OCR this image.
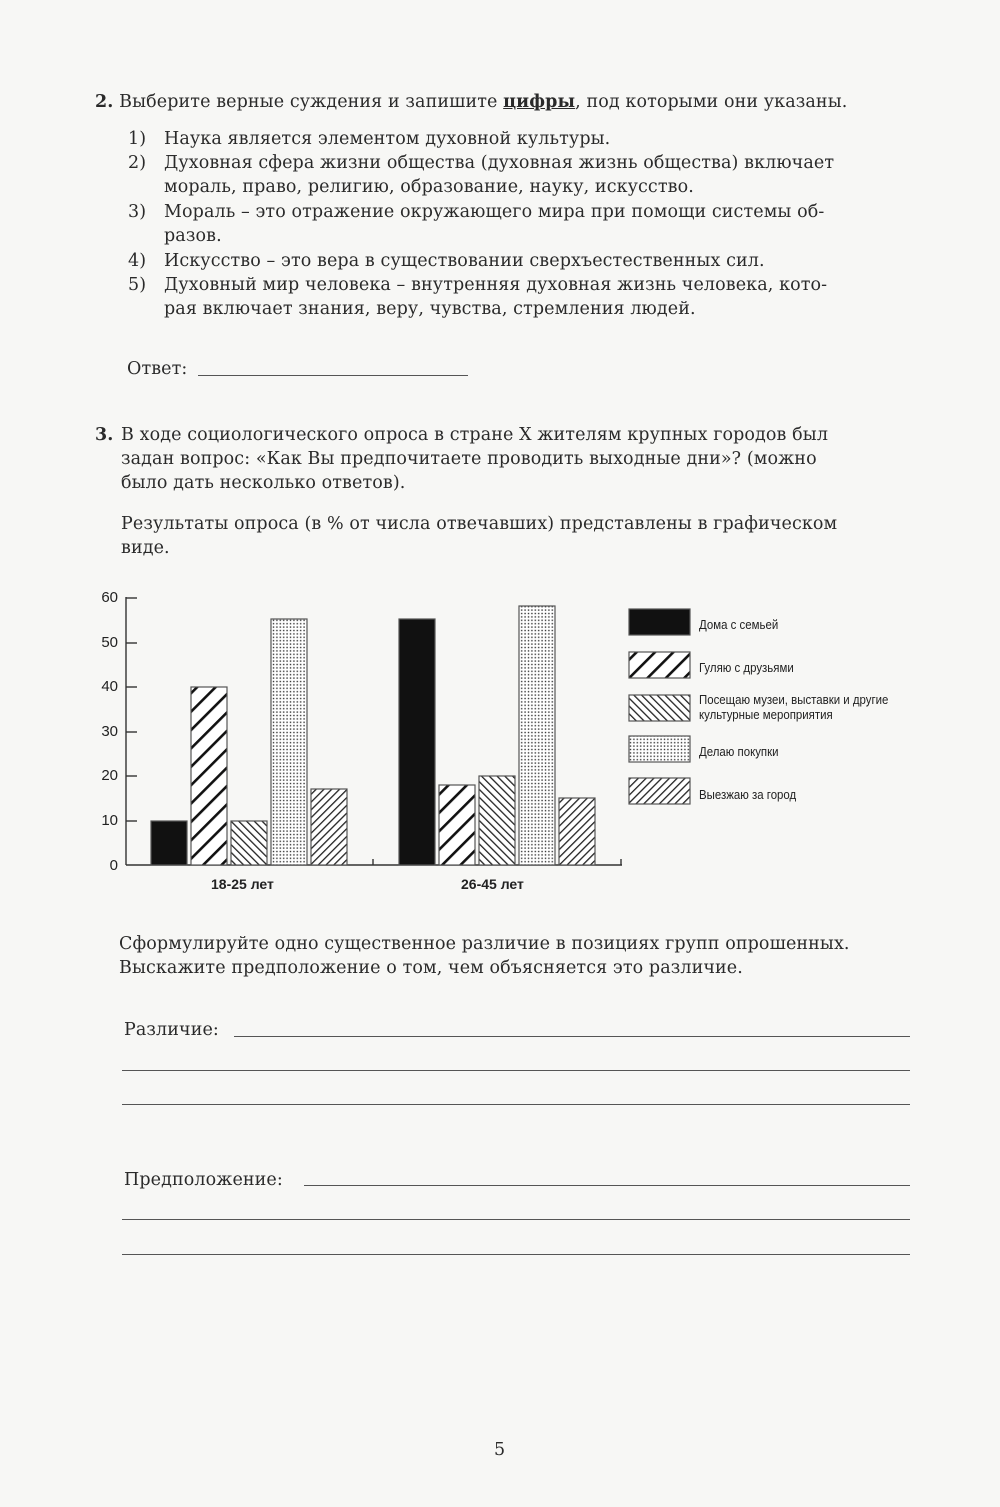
2. Выберите верные суждения и запишите цифры, под которыми они указаны.
1) Наука является элементом духовной культуры.
2) Духовная сфера жизни общества (духовная жизнь общества) включает
мораль, право, религию, образование, науку, искусство.
3) Мораль – это отражение окружающего мира при помощи системы об-
разов.
4) Искусство – это вера в существовании сверхъестественных сил.
5) Духовный мир человека – внутренняя духовная жизнь человека, кото-
рая включает знания, веру, чувства, стремления людей.
Ответ:
3. В ходе социологического опроса в стране X жителям крупных городов был
задан вопрос: «Как Вы предпочитаете проводить выходные дни»? (можно
было дать несколько ответов).
Результаты опроса (в % от числа отвечавших) представлены в графическом
виде.
60
50
40
30
20
10
0
18-25 лет	26-45 лет
Дома с семьей
Гуляю с друзьями
Посещаю музеи, выставки и другие
культурные мероприятия
Делаю покупки
Выезжаю за город
Сформулируйте одно существенное различие в позициях групп опрошенных.
Выскажите предположение о том, чем объясняется это различие.
Различие:
Предположение:
5
